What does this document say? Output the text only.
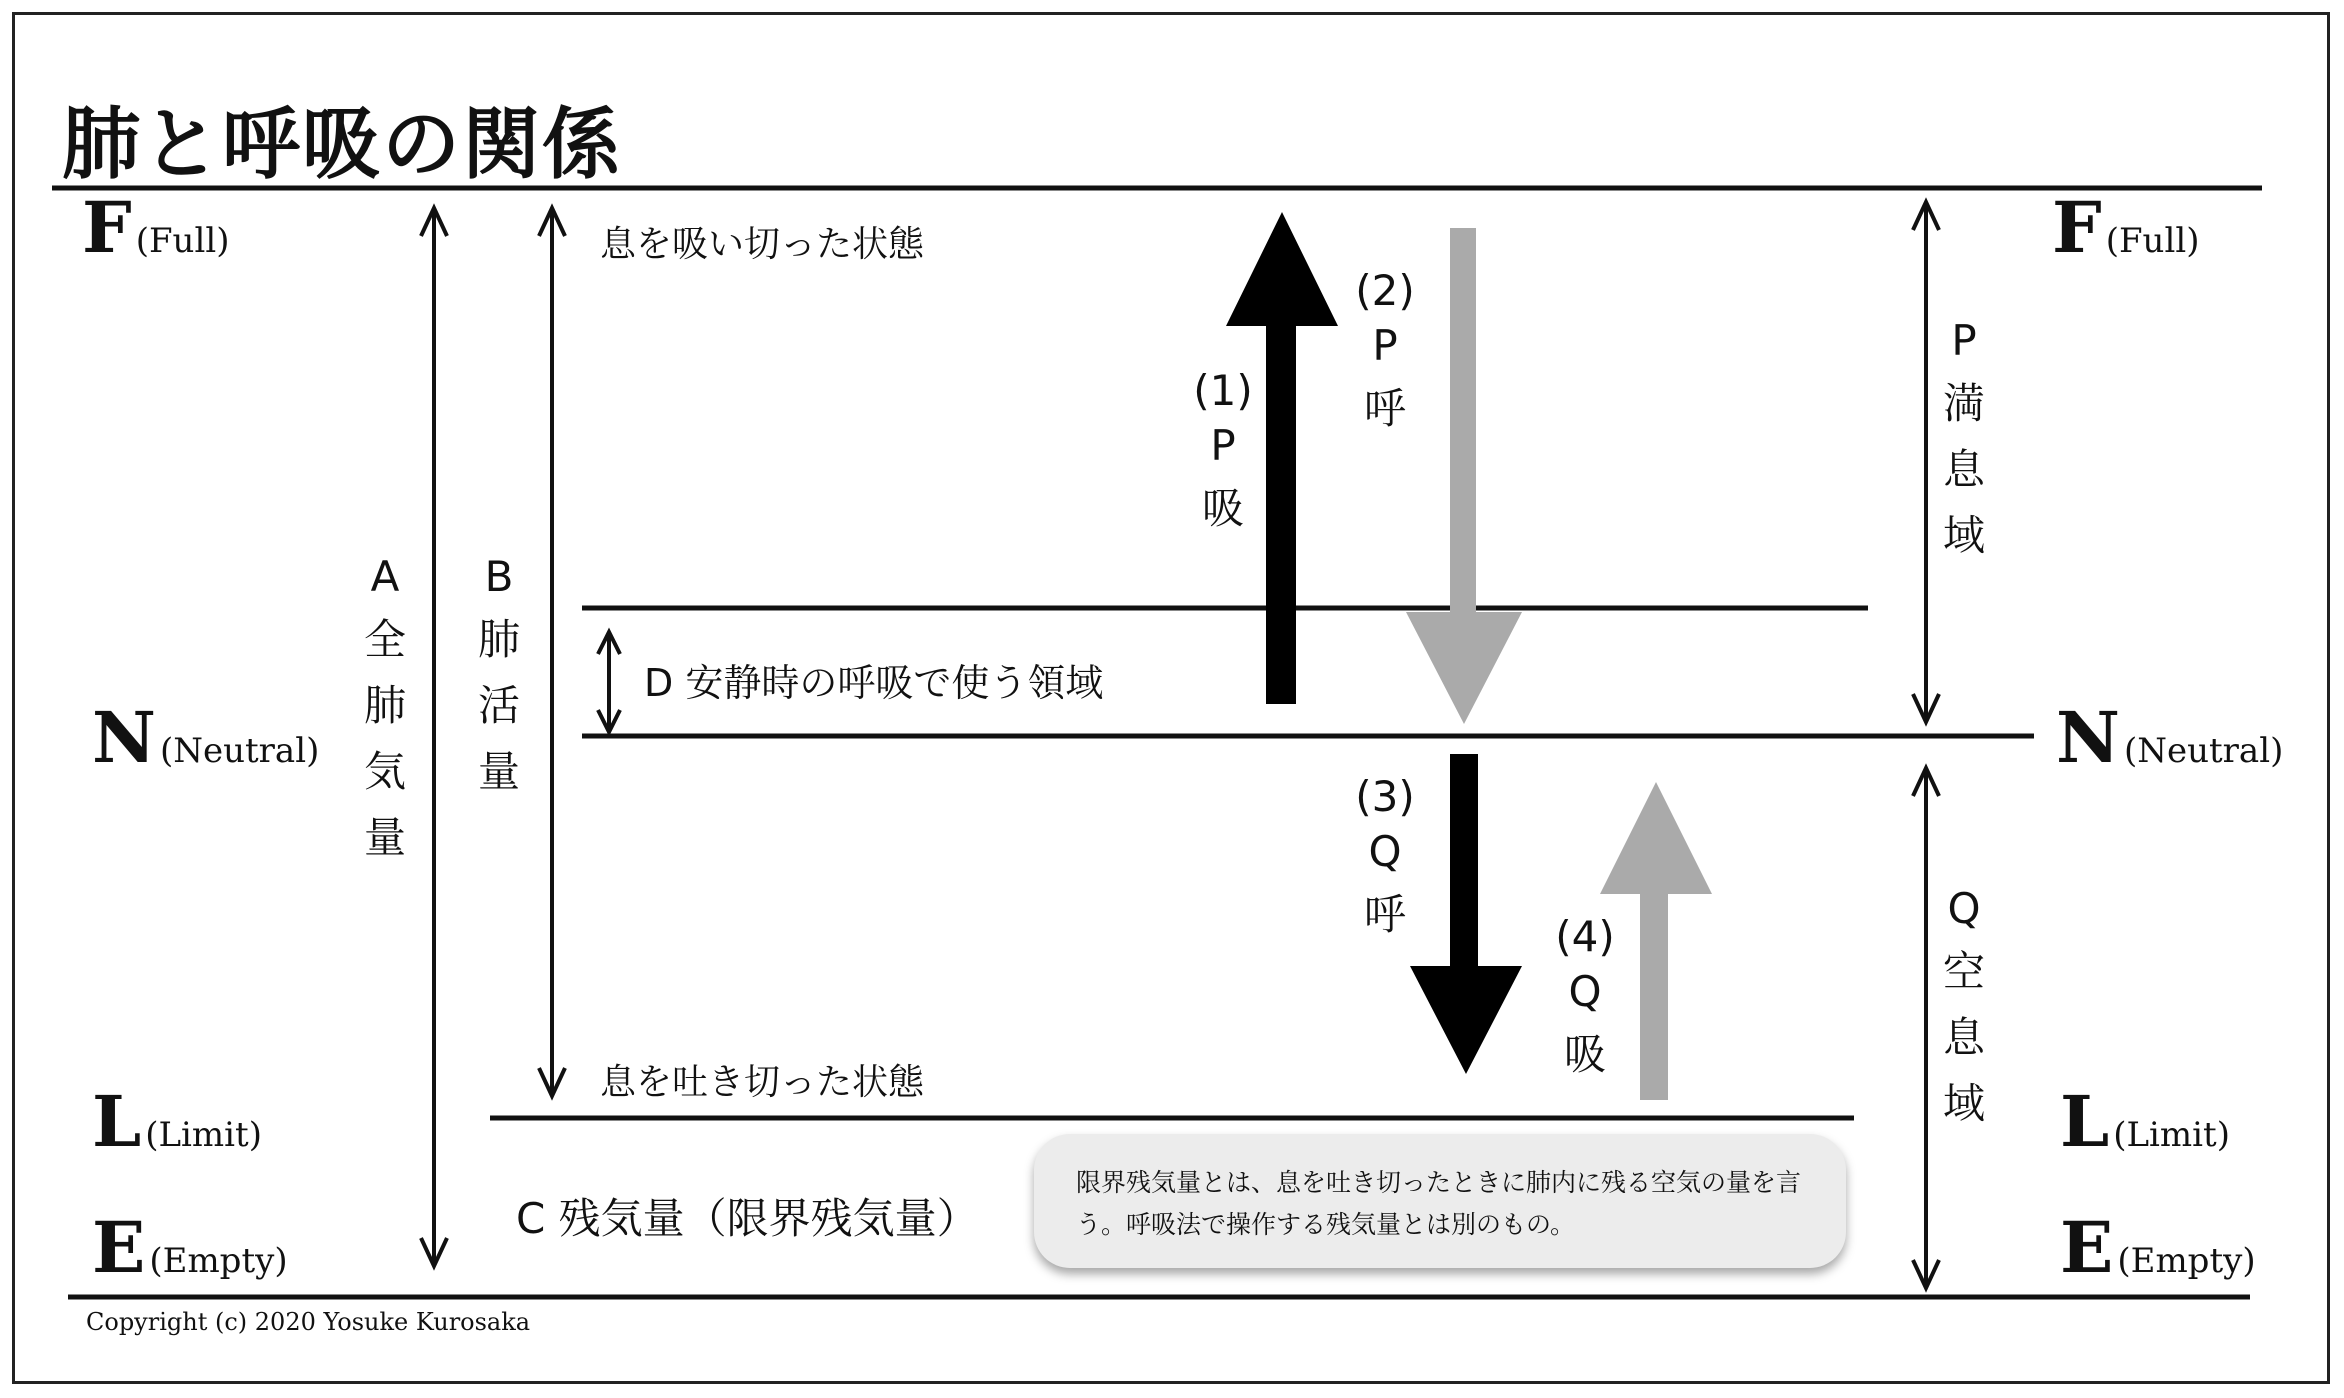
肺と呼吸の関係
F (Full)
N (Neutral)
L (Limit)
E (Empty)
F (Full)
N (Neutral)
L (Limit)
E (Empty)
A
全
肺
気
量
B
肺
活
量
息を吸い切った状態
息を吐き切った状態
D 安静時の呼吸で使う領域
C 残気量（限界残気量）
(1)
P
吸
(2)
P
呼
(3)
Q
呼	(4)
Q
吸
P
満
息
域
Q
空
息
域
限界残気量とは、息を吐き切ったときに肺内に残る空気の量を言う。呼吸法で操作する残気量とは別のもの。
Copyright (c) 2020 Yosuke Kurosaka
